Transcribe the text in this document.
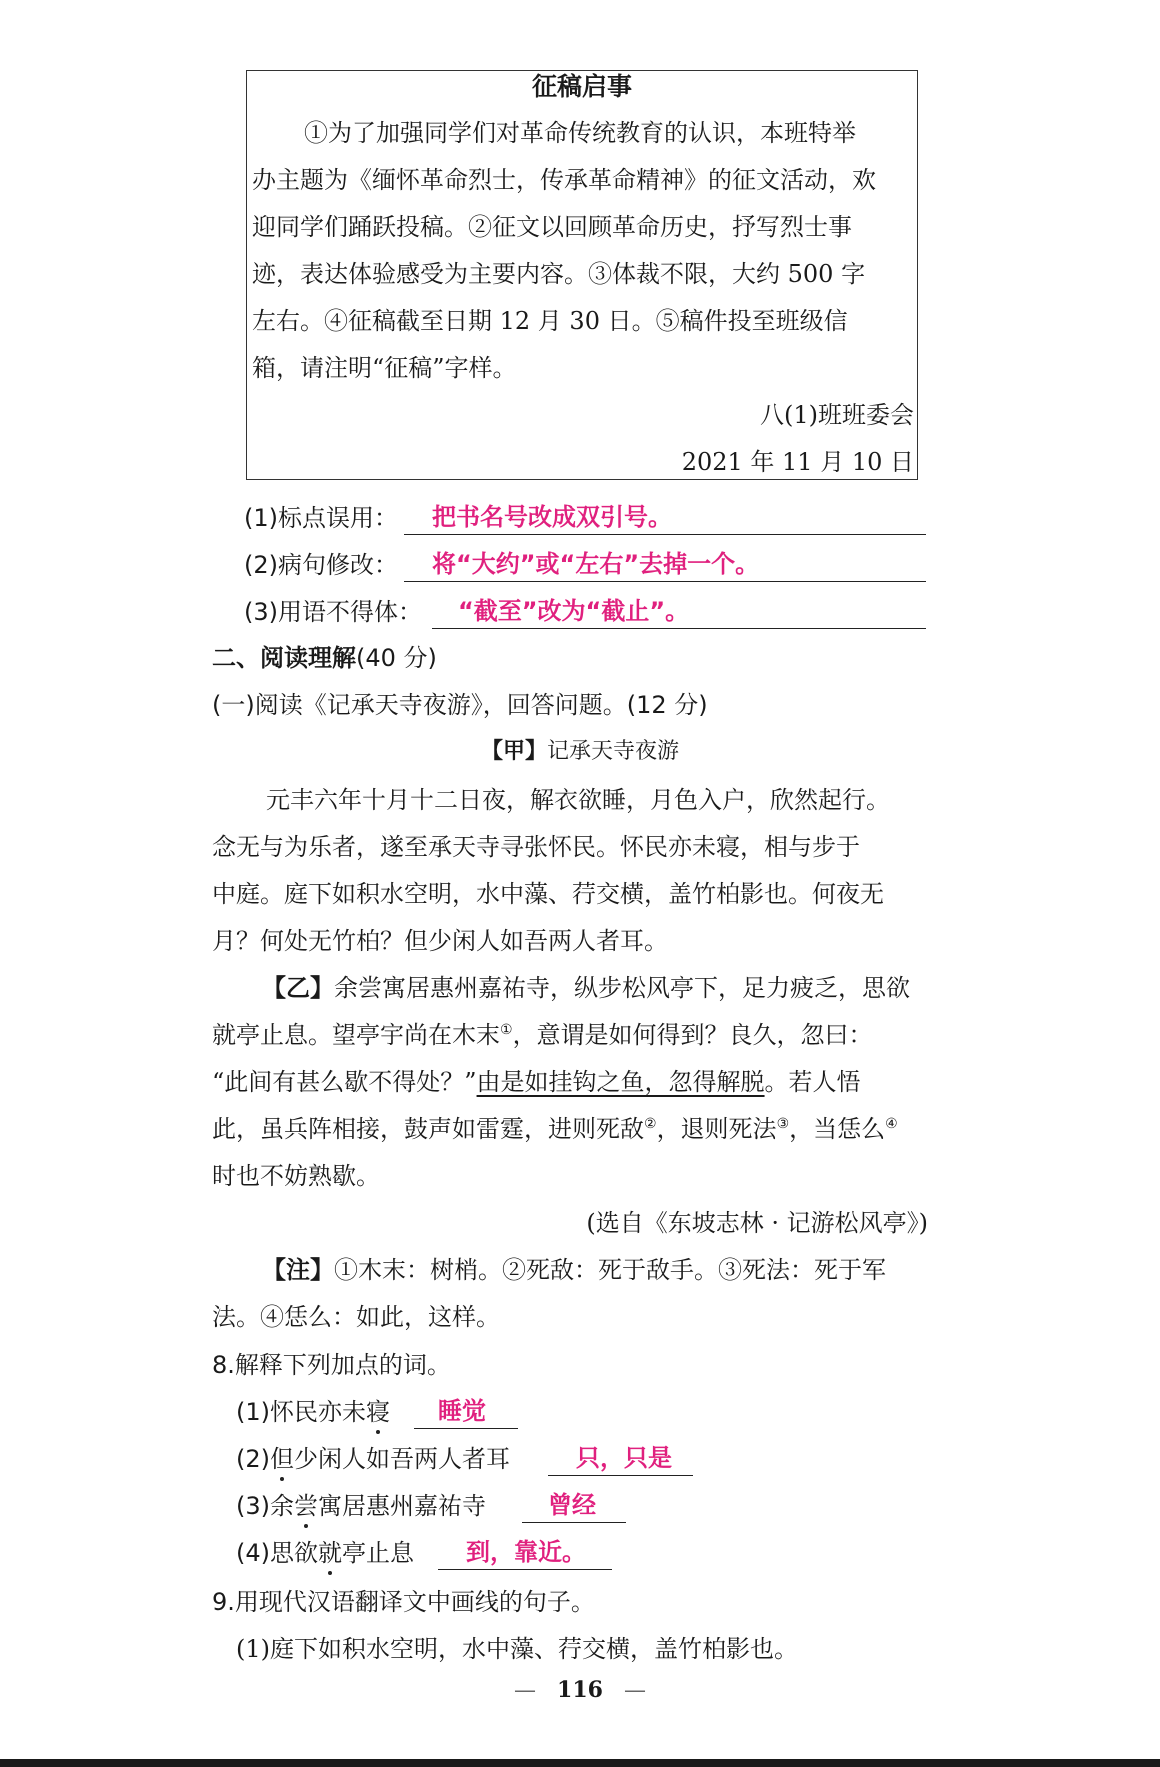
征稿启事
①为了加强同学们对革命传统教育的认识，本班特举
办主题为《缅怀革命烈士，传承革命精神》的征文活动，欢
迎同学们踊跃投稿。②征文以回顾革命历史，抒写烈士事
迹，表达体验感受为主要内容。③体裁不限，大约 500 字
左右。④征稿截至日期 12 月 30 日。⑤稿件投至班级信
箱，请注明“征稿”字样。
八(1)班班委会
2021 年 11 月 10 日
(1)标点误用： 把书名号改成双引号。
(2)病句修改： 将“大约”或“左右”去掉一个。
(3)用语不得体： “截至”改为“截止”。
二、阅读理解(40 分)
(一)阅读《记承天寺夜游》，回答问题。(12 分)
【甲】记承天寺夜游
元丰六年十月十二日夜，解衣欲睡，月色入户，欣然起行。
念无与为乐者，遂至承天寺寻张怀民。怀民亦未寝，相与步于
中庭。庭下如积水空明，水中藻、荇交横，盖竹柏影也。何夜无
月？何处无竹柏？但少闲人如吾两人者耳。
【乙】余尝寓居惠州嘉祐寺，纵步松风亭下，足力疲乏，思欲
就亭止息。望亭宇尚在木末①，意谓是如何得到？良久，忽曰：
“此间有甚么歇不得处？”由是如挂钩之鱼，忽得解脱。若人悟
此，虽兵阵相接，鼓声如雷霆，进则死敌②，退则死法③，当恁么④
时也不妨熟歇。
(选自《东坡志林 · 记游松风亭》)
【注】①木末：树梢。②死敌：死于敌手。③死法：死于军
法。④恁么：如此，这样。
8.解释下列加点的词。
(1)怀民亦未寝 睡觉
(2)但少闲人如吾两人者耳	只，只是
(3)余尝寓居惠州嘉祐寺	曾经
(4)思欲就亭止息 到，靠近。
9.用现代汉语翻译文中画线的句子。
(1)庭下如积水空明，水中藻、荇交横，盖竹柏影也。
— 116 —
